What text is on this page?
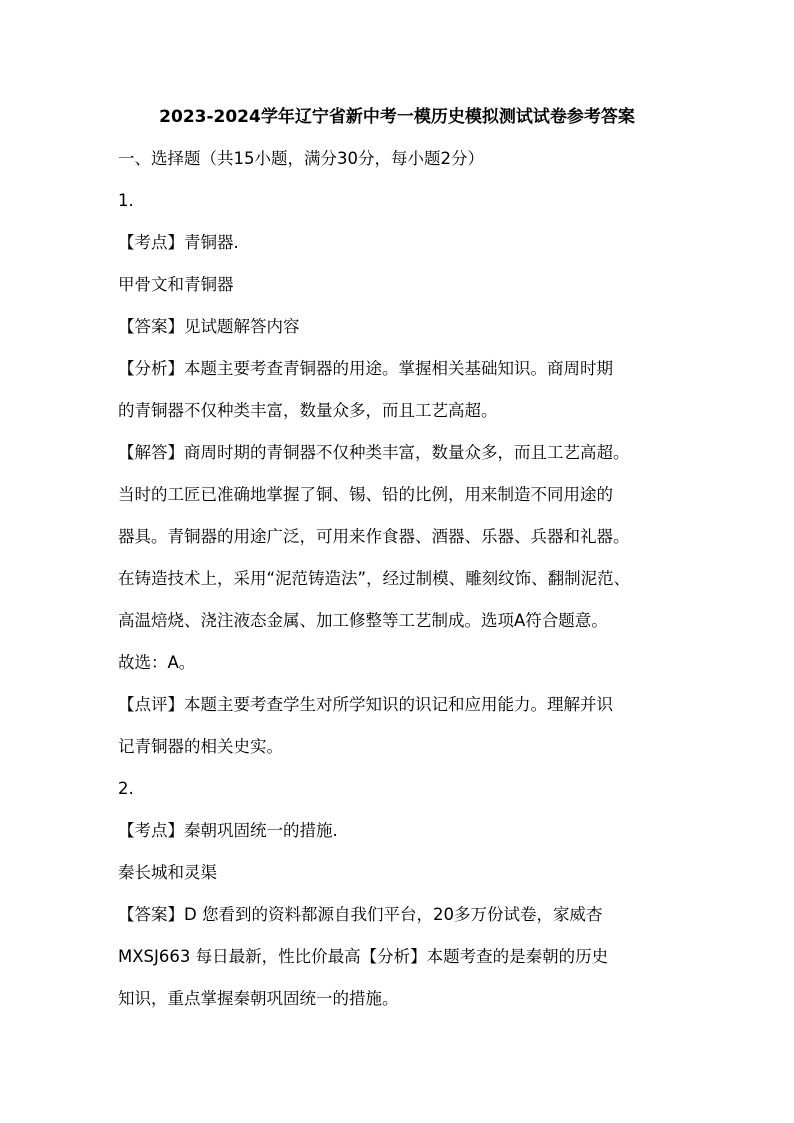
2023-2024学年辽宁省新中考一模历史模拟测试试卷参考答案
一、选择题（共15小题，满分30分，每小题2分）
1.
【考点】青铜器.
甲骨文和青铜器
【答案】见试题解答内容
【分析】本题主要考查青铜器的用途。掌握相关基础知识。商周时期
的青铜器不仅种类丰富，数量众多，而且工艺高超。
【解答】商周时期的青铜器不仅种类丰富，数量众多，而且工艺高超。
当时的工匠已准确地掌握了铜、锡、铅的比例，用来制造不同用途的
器具。青铜器的用途广泛，可用来作食器、酒器、乐器、兵器和礼器。
在铸造技术上，采用“泥范铸造法”，经过制模、雕刻纹饰、翻制泥范、
高温焙烧、浇注液态金属、加工修整等工艺制成。选项A符合题意。
故选：A。
【点评】本题主要考查学生对所学知识的识记和应用能力。理解并识
记青铜器的相关史实。
2.
【考点】秦朝巩固统一的措施.
秦长城和灵渠
【答案】D 您看到的资料都源自我们平台，20多万份试卷，家威杏
MXSJ663 每日最新，性比价最高【分析】本题考查的是秦朝的历史
知识，重点掌握秦朝巩固统一的措施。
